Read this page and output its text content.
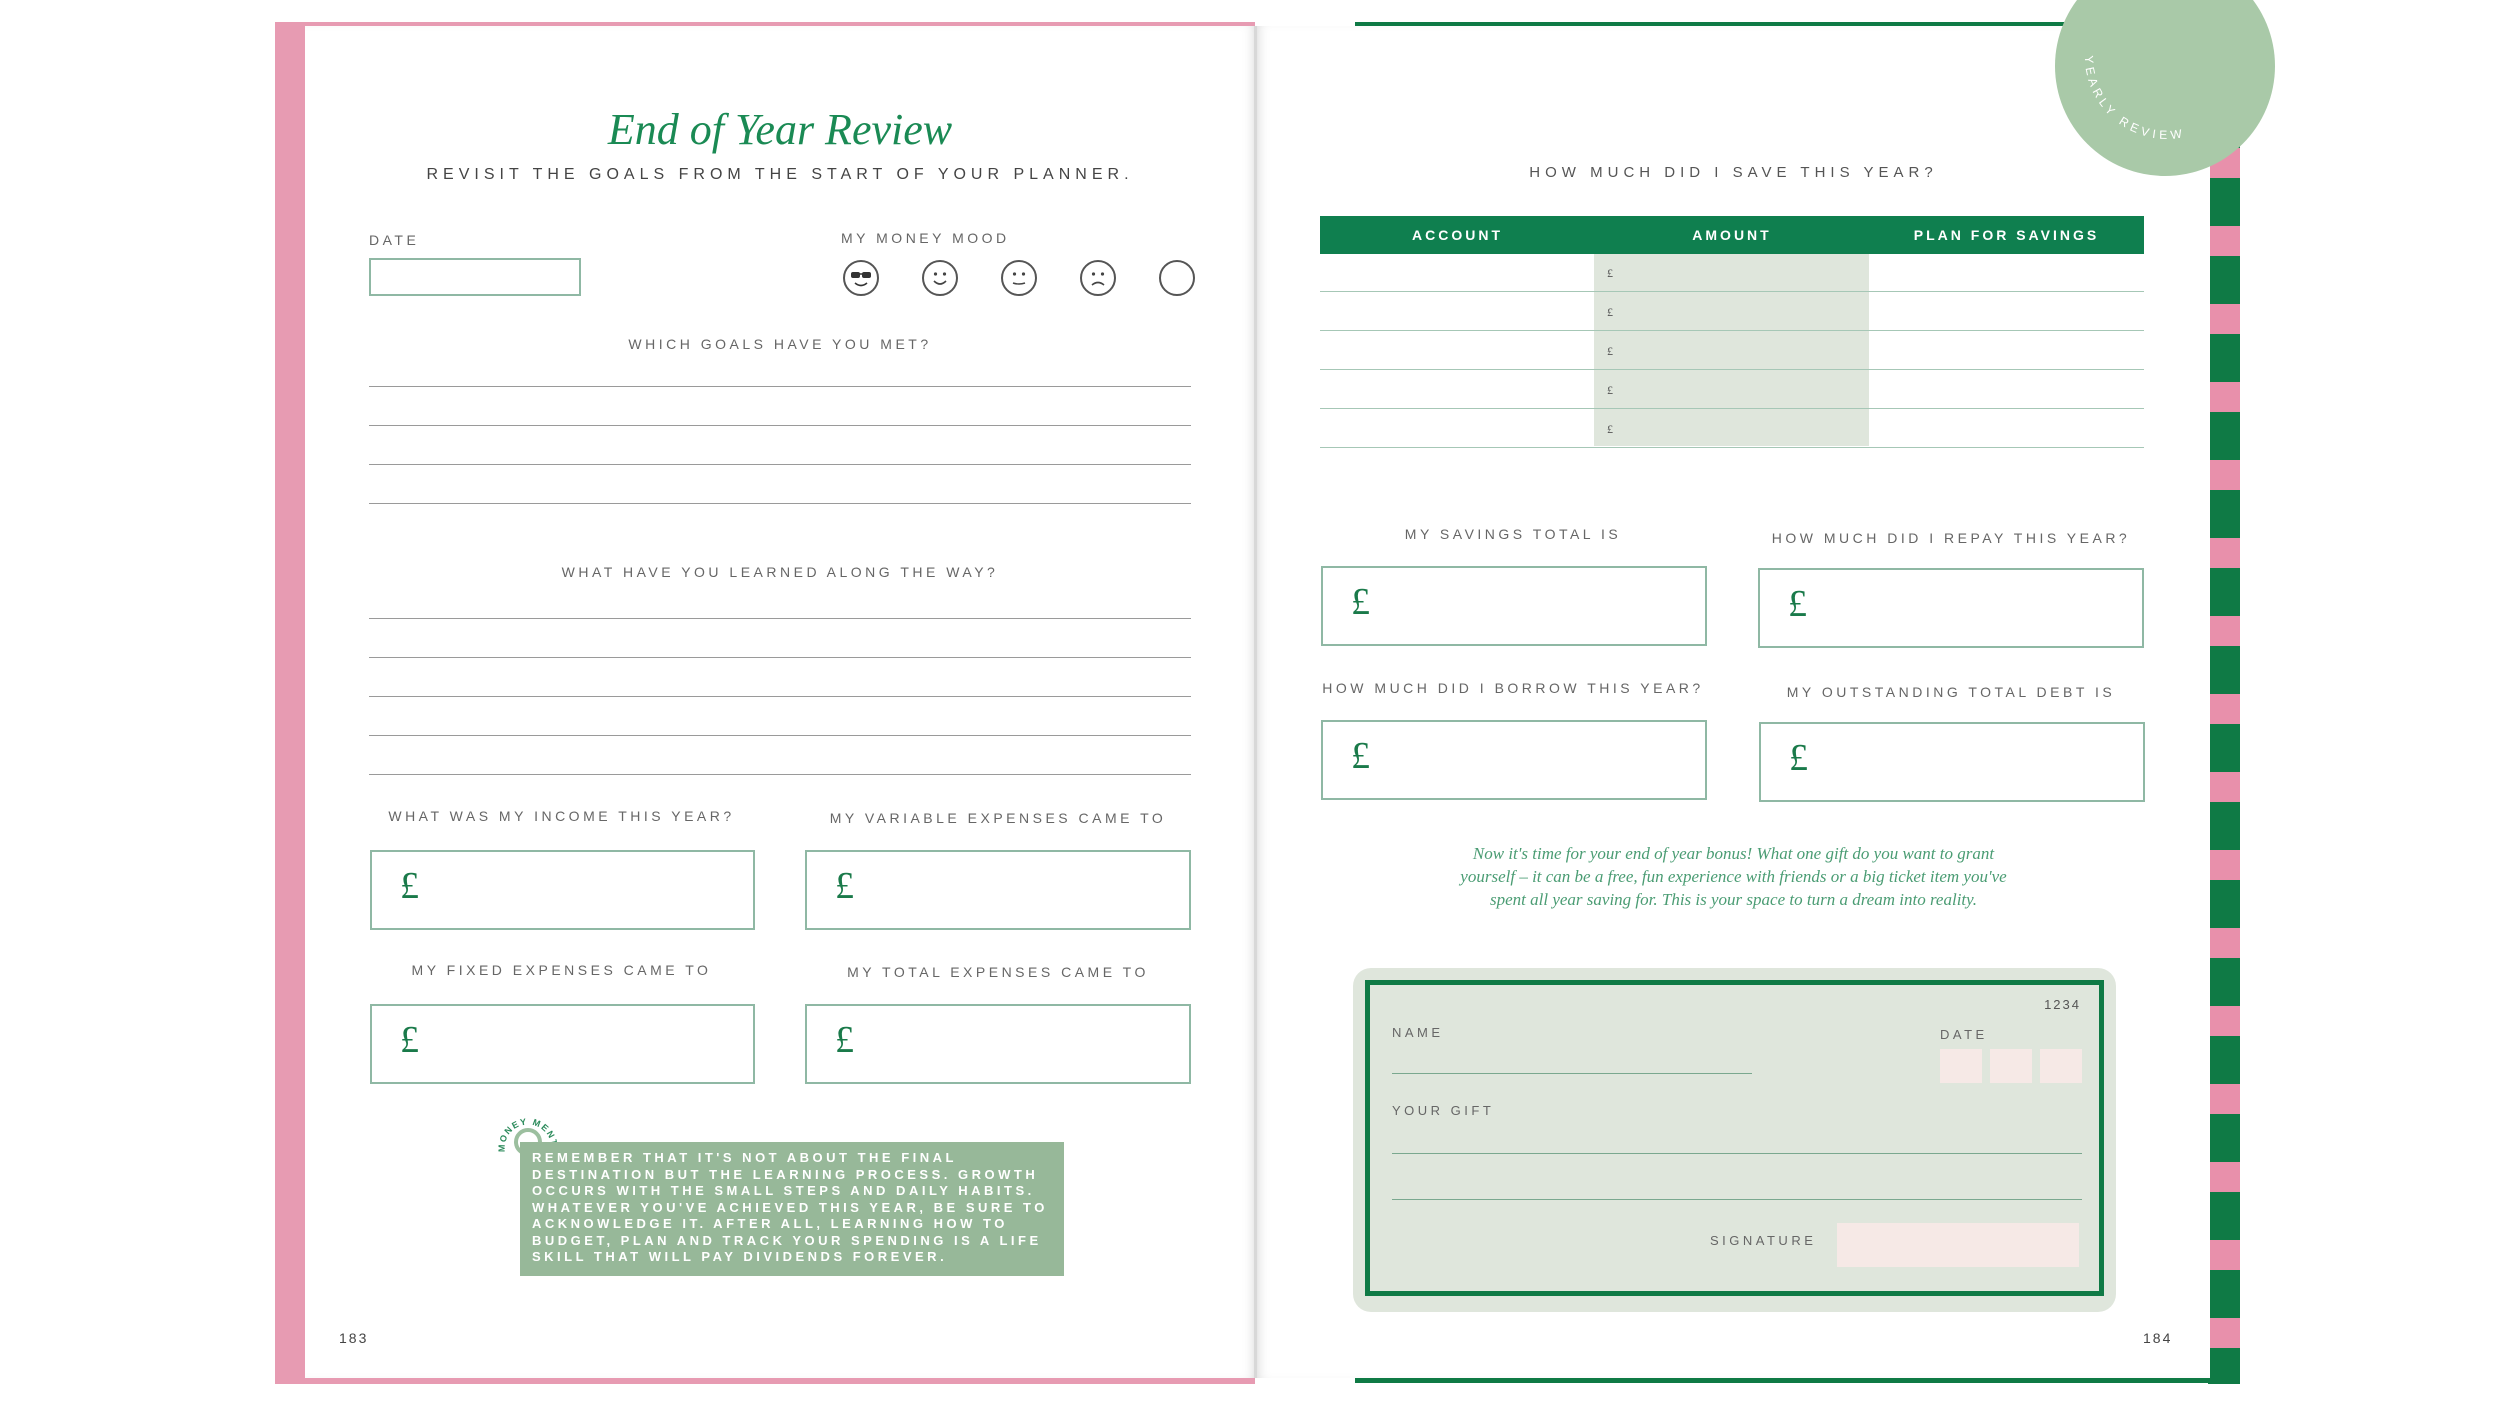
End of Year Review
REVISIT THE GOALS FROM THE START OF YOUR PLANNER.
DATE	MY MONEY MOOD
WHICH GOALS HAVE YOU MET?
WHAT HAVE YOU LEARNED ALONG THE WAY?
WHAT WAS MY INCOME THIS YEAR?
£
MY VARIABLE EXPENSES CAME TO
£
MY FIXED EXPENSES CAME TO
£
MY TOTAL EXPENSES CAME TO
£
MONEY MEN
REMEMBER THAT IT'S NOT ABOUT THE FINAL DESTINATION BUT THE LEARNING PROCESS. GROWTH OCCURS WITH THE SMALL STEPS AND DAILY HABITS. WHATEVER YOU'VE ACHIEVED THIS YEAR, BE SURE TO ACKNOWLEDGE IT. AFTER ALL, LEARNING HOW TO BUDGET, PLAN AND TRACK YOUR SPENDING IS A LIFE SKILL THAT WILL PAY DIVIDENDS FOREVER.
183
YEARLY REVIEW
HOW MUCH DID I SAVE THIS YEAR?
ACCOUNT	AMOUNT	PLAN FOR SAVINGS
£
£
£
£
£
MY SAVINGS TOTAL IS
£
HOW MUCH DID I REPAY THIS YEAR?
£
HOW MUCH DID I BORROW THIS YEAR?
£
MY OUTSTANDING TOTAL DEBT IS
£
Now it's time for your end of year bonus! What one gift do you want to grant
yourself – it can be a free, fun experience with friends or a big ticket item you've
spent all year saving for. This is your space to turn a dream into reality.
1234
NAME	DATE
YOUR GIFT
SIGNATURE
184
